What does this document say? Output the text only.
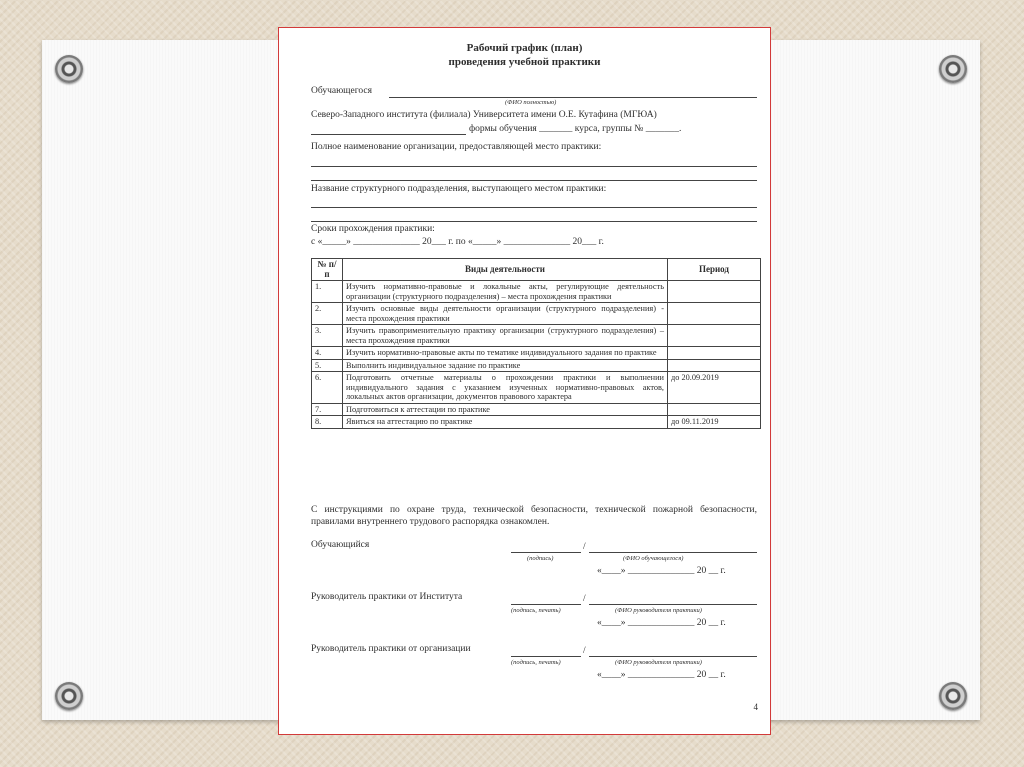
Рабочий график (план)
проведения учебной практики
Обучающегося
(ФИО полностью)
Северо-Западного института (филиала) Университета имени О.Е. Кутафина (МГЮА)
формы обучения _______ курса, группы № _______.
Полное наименование организации, предоставляющей место практики:
Название структурного подразделения, выступающего местом практики:
Сроки прохождения практики:
с «_____» ______________ 20___ г. по «_____» ______________ 20___ г.
№ п/п	Виды деятельности	Период
1.	Изучить нормативно-правовые и локальные акты, регулирующие деятельность организации (структурного подразделения) – места прохождения практики	
2.	Изучить основные виды деятельности организации (структурного подразделения) - места прохождения практики	
3.	Изучить правоприменительную практику организации (структурного подразделения) – места прохождения практики	
4.	Изучить нормативно-правовые акты по тематике индивидуального задания по практике	
5.	Выполнить индивидуальное задание по практике	
6.	Подготовить отчетные материалы о прохождении практики и выполнении индивидуального задания с указанием изученных нормативно-правовых актов, локальных актов организации, документов правового характера	до 20.09.2019
7.	Подготовиться к аттестации по практике	
8.	Явиться на аттестацию по практике	до 09.11.2019
С инструкциями по охране труда, технической безопасности, технической пожарной безопасности, правилами внутреннего трудового распорядка ознакомлен.
Обучающийся	/
(подпись)	(ФИО обучающегося)
«____» ______________ 20 __ г.
Руководитель практики от Института	/
(подпись, печать)	(ФИО руководителя практики)
«____» ______________ 20 __ г.
Руководитель практики от организации	/
(подпись, печать)	(ФИО руководителя практики)
«____» ______________ 20 __ г.
4
